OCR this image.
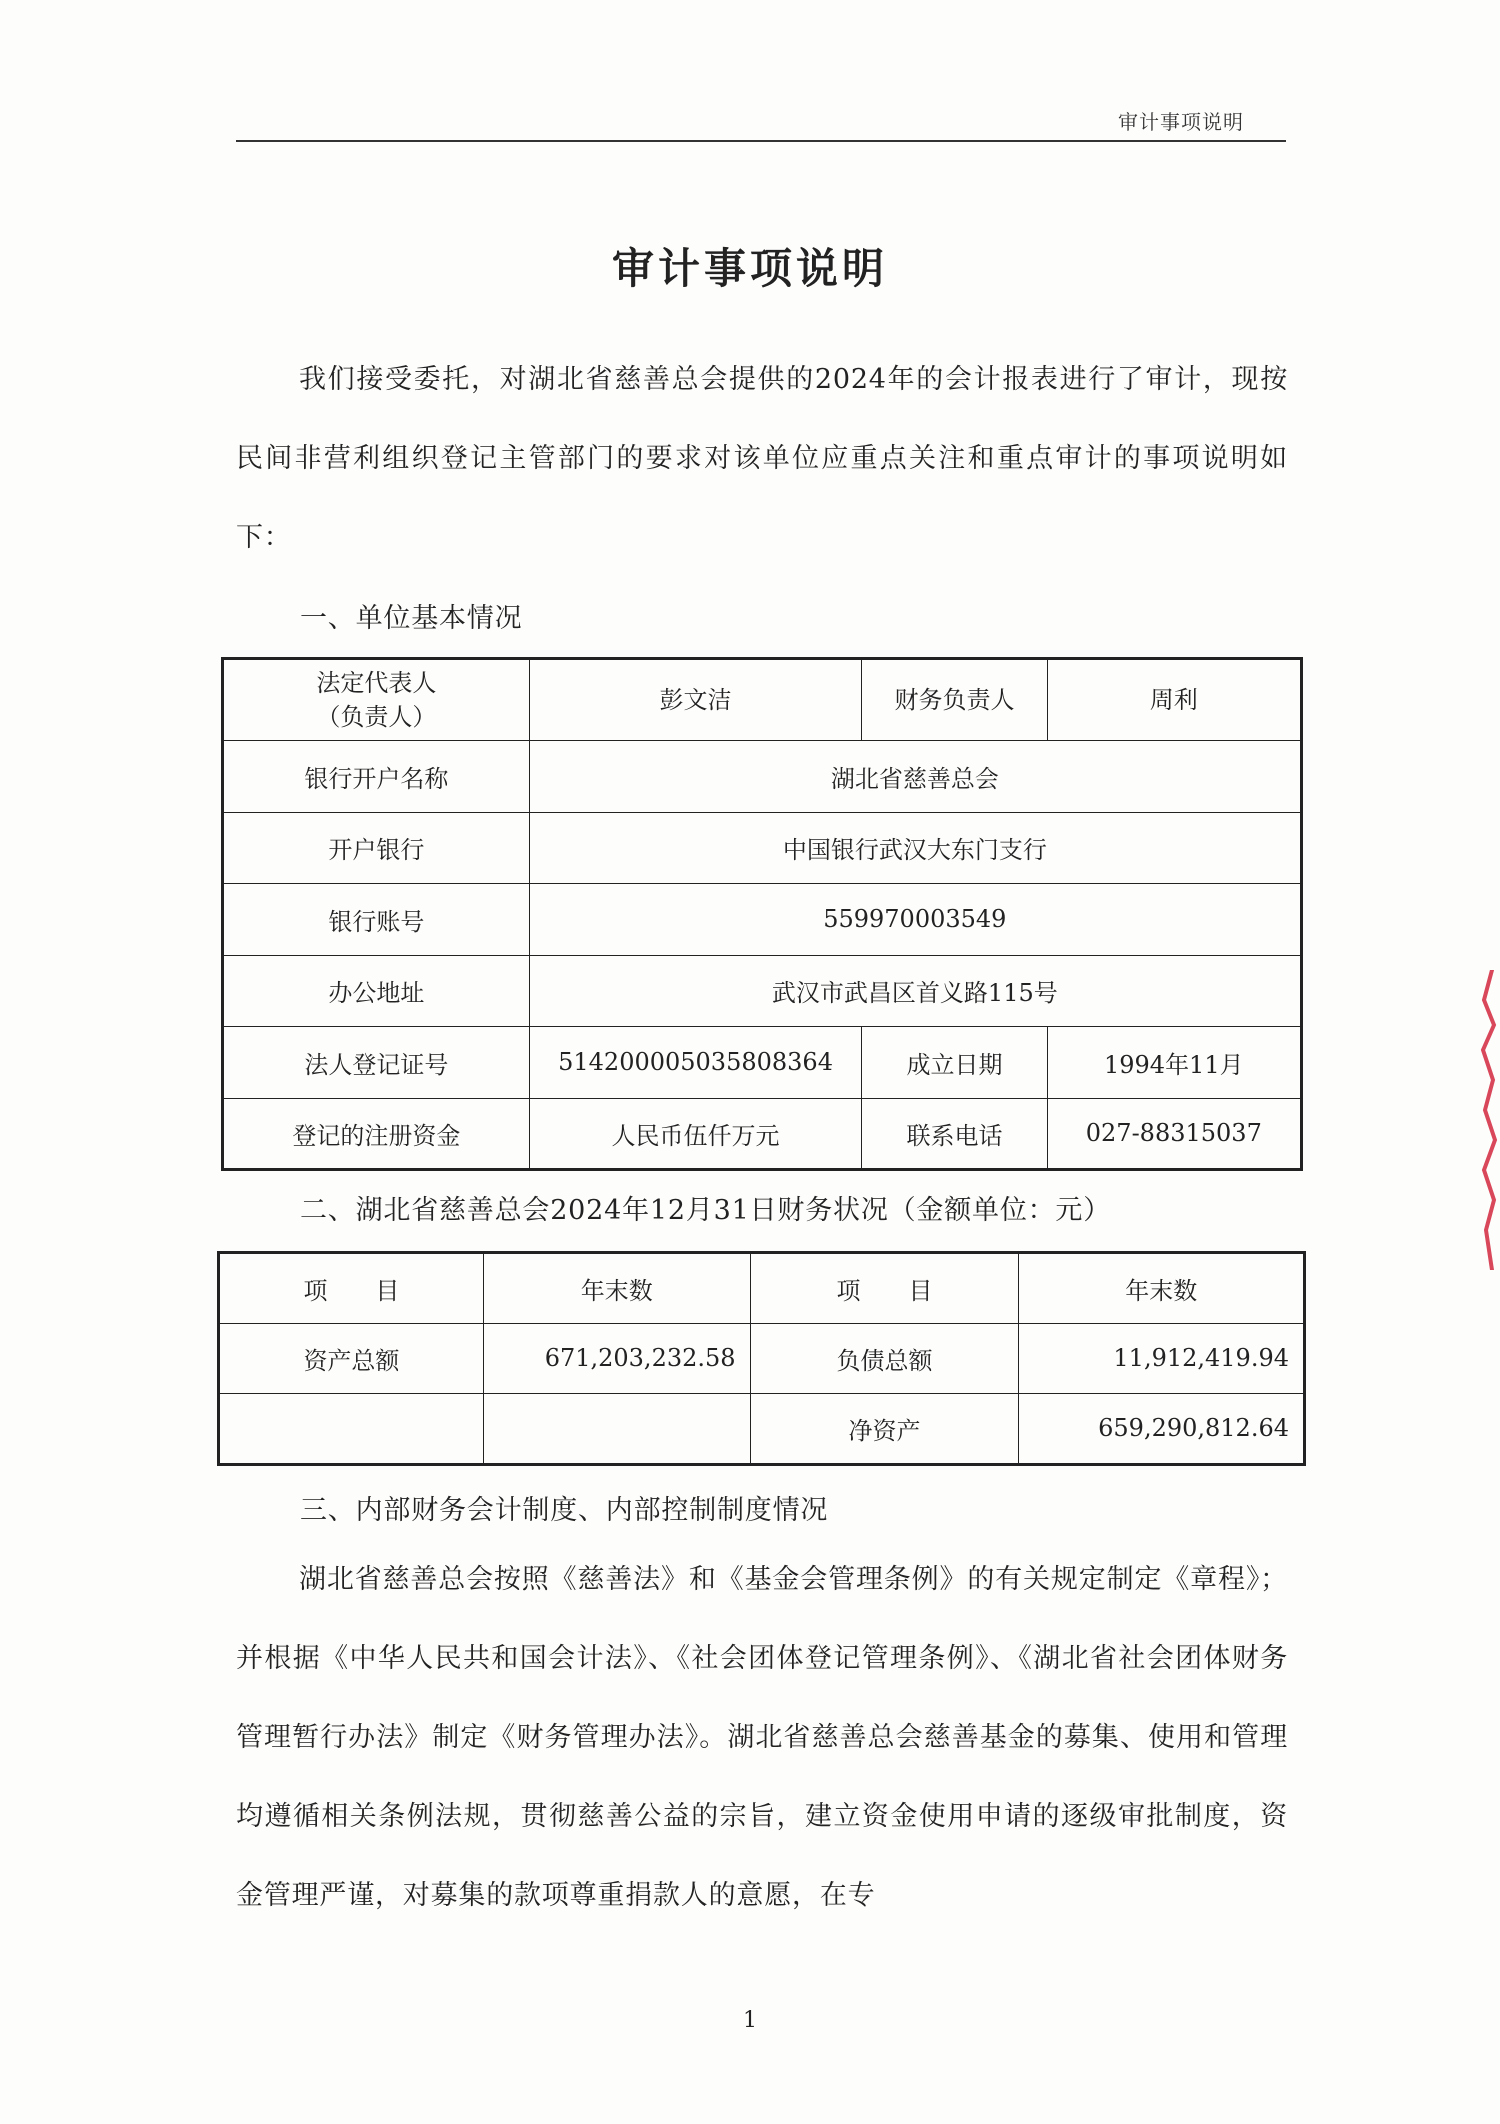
审计事项说明
审计事项说明
我们接受委托，对湖北省慈善总会提供的2024年的会计报表进行了审计，现按民间非营利组织登记主管部门的要求对该单位应重点关注和重点审计的事项说明如下：
一、单位基本情况
法定代表人
（负责人）	彭文洁	财务负责人	周利
银行开户名称	湖北省慈善总会		
开户银行	中国银行武汉大东门支行		
银行账号	559970003549		
办公地址	武汉市武昌区首义路115号		
法人登记证号	514200005035808364	成立日期	1994年11月
登记的注册资金	人民币伍仟万元	联系电话	027-88315037
二、湖北省慈善总会2024年12月31日财务状况（金额单位：元）
项　　目	年末数	项　　目	年末数
资产总额	671,203,232.58	负债总额	11,912,419.94
		净资产	659,290,812.64
三、内部财务会计制度、内部控制制度情况
湖北省慈善总会按照《慈善法》和《基金会管理条例》的有关规定制定《章程》；并根据《中华人民共和国会计法》、《社会团体登记管理条例》、《湖北省社会团体财务管理暂行办法》制定《财务管理办法》。湖北省慈善总会慈善基金的募集、使用和管理均遵循相关条例法规，贯彻慈善公益的宗旨，建立资金使用申请的逐级审批制度，资金管理严谨，对募集的款项尊重捐款人的意愿，在专
1
